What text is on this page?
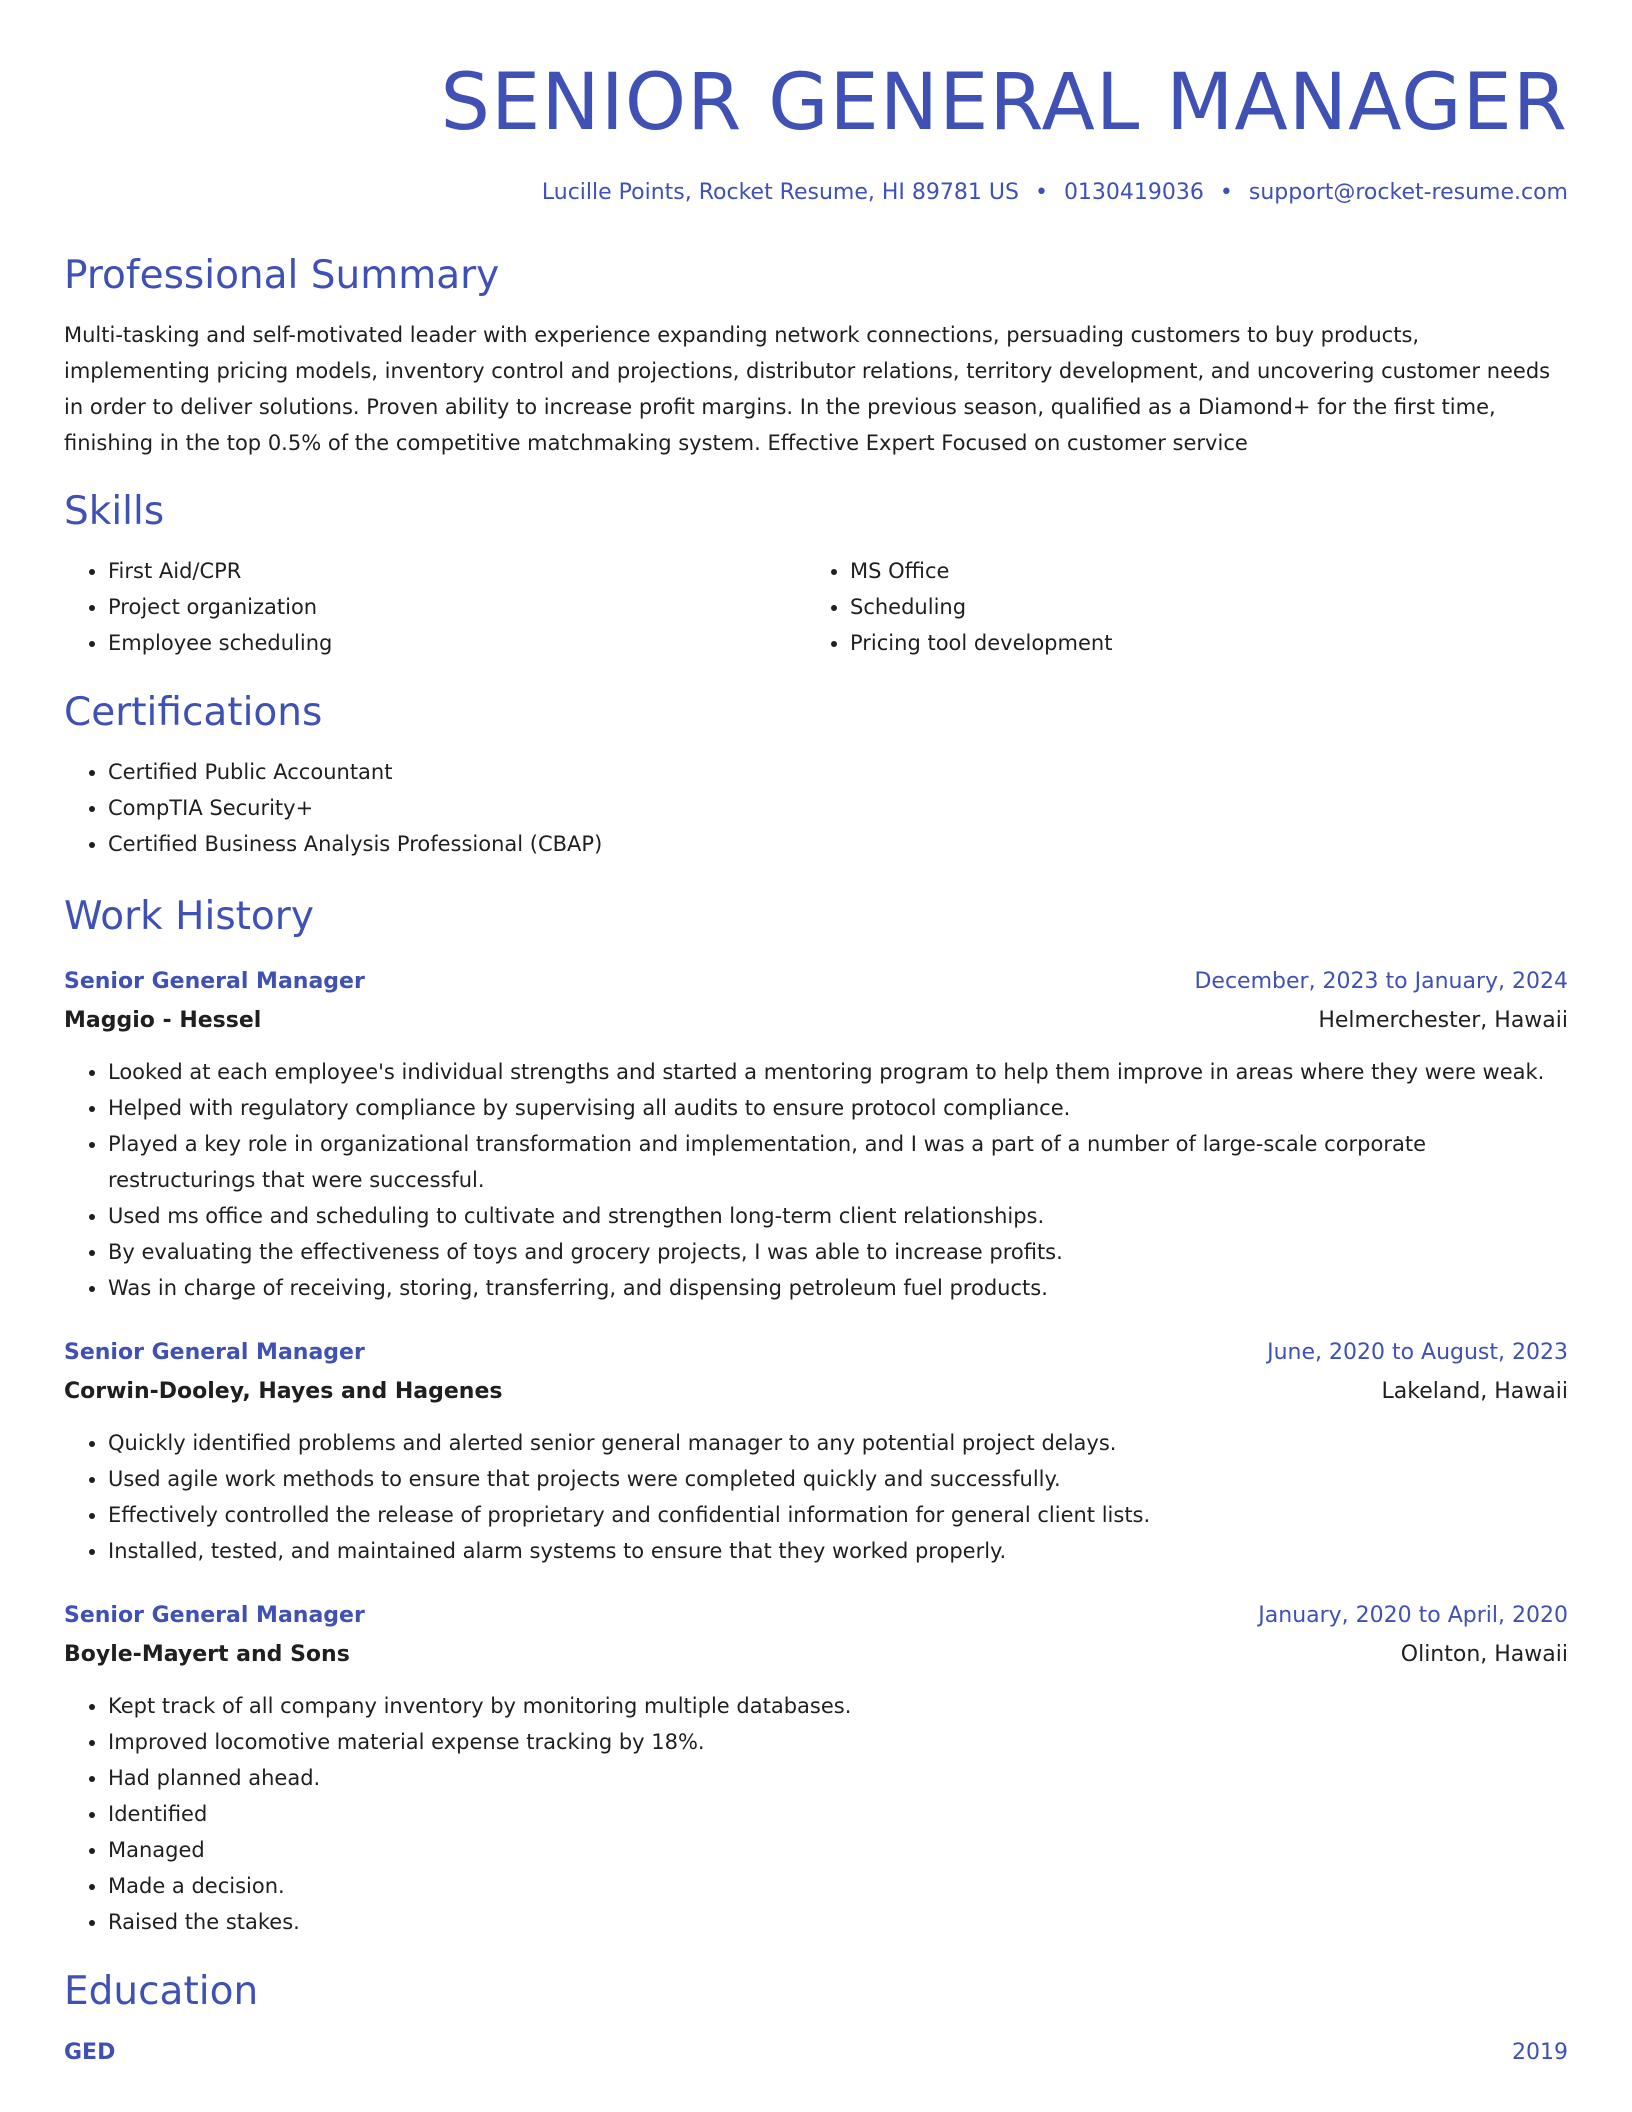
SENIOR GENERAL MANAGER
Lucille Points, Rocket Resume, HI 89781 US • 0130419036 • support@rocket-resume.com
Professional Summary
Multi-tasking and self-motivated leader with experience expanding network connections, persuading customers to buy products, implementing pricing models, inventory control and projections, distributor relations, territory development, and uncovering customer needs in order to deliver solutions. Proven ability to increase profit margins. In the previous season, qualified as a Diamond+ for the first time, finishing in the top 0.5% of the competitive matchmaking system. Effective Expert Focused on customer service
Skills
• First Aid/CPR
• Project organization
• Employee scheduling
• MS Office
• Scheduling
• Pricing tool development
Certifications
• Certified Public Accountant
• CompTIA Security+
• Certified Business Analysis Professional (CBAP)
Work History
Senior General Manager	December, 2023 to January, 2024
Maggio - Hessel	Helmerchester, Hawaii
• Looked at each employee's individual strengths and started a mentoring program to help them improve in areas where they were weak.
• Helped with regulatory compliance by supervising all audits to ensure protocol compliance.
• Played a key role in organizational transformation and implementation, and I was a part of a number of large-scale corporate restructurings that were successful.
• Used ms office and scheduling to cultivate and strengthen long-term client relationships.
• By evaluating the effectiveness of toys and grocery projects, I was able to increase profits.
• Was in charge of receiving, storing, transferring, and dispensing petroleum fuel products.
Senior General Manager	June, 2020 to August, 2023
Corwin-Dooley, Hayes and Hagenes	Lakeland, Hawaii
• Quickly identified problems and alerted senior general manager to any potential project delays.
• Used agile work methods to ensure that projects were completed quickly and successfully.
• Effectively controlled the release of proprietary and confidential information for general client lists.
• Installed, tested, and maintained alarm systems to ensure that they worked properly.
Senior General Manager	January, 2020 to April, 2020
Boyle-Mayert and Sons	Olinton, Hawaii
• Kept track of all company inventory by monitoring multiple databases.
• Improved locomotive material expense tracking by 18%.
• Had planned ahead.
• Identified
• Managed
• Made a decision.
• Raised the stakes.
Education
GED	2019
